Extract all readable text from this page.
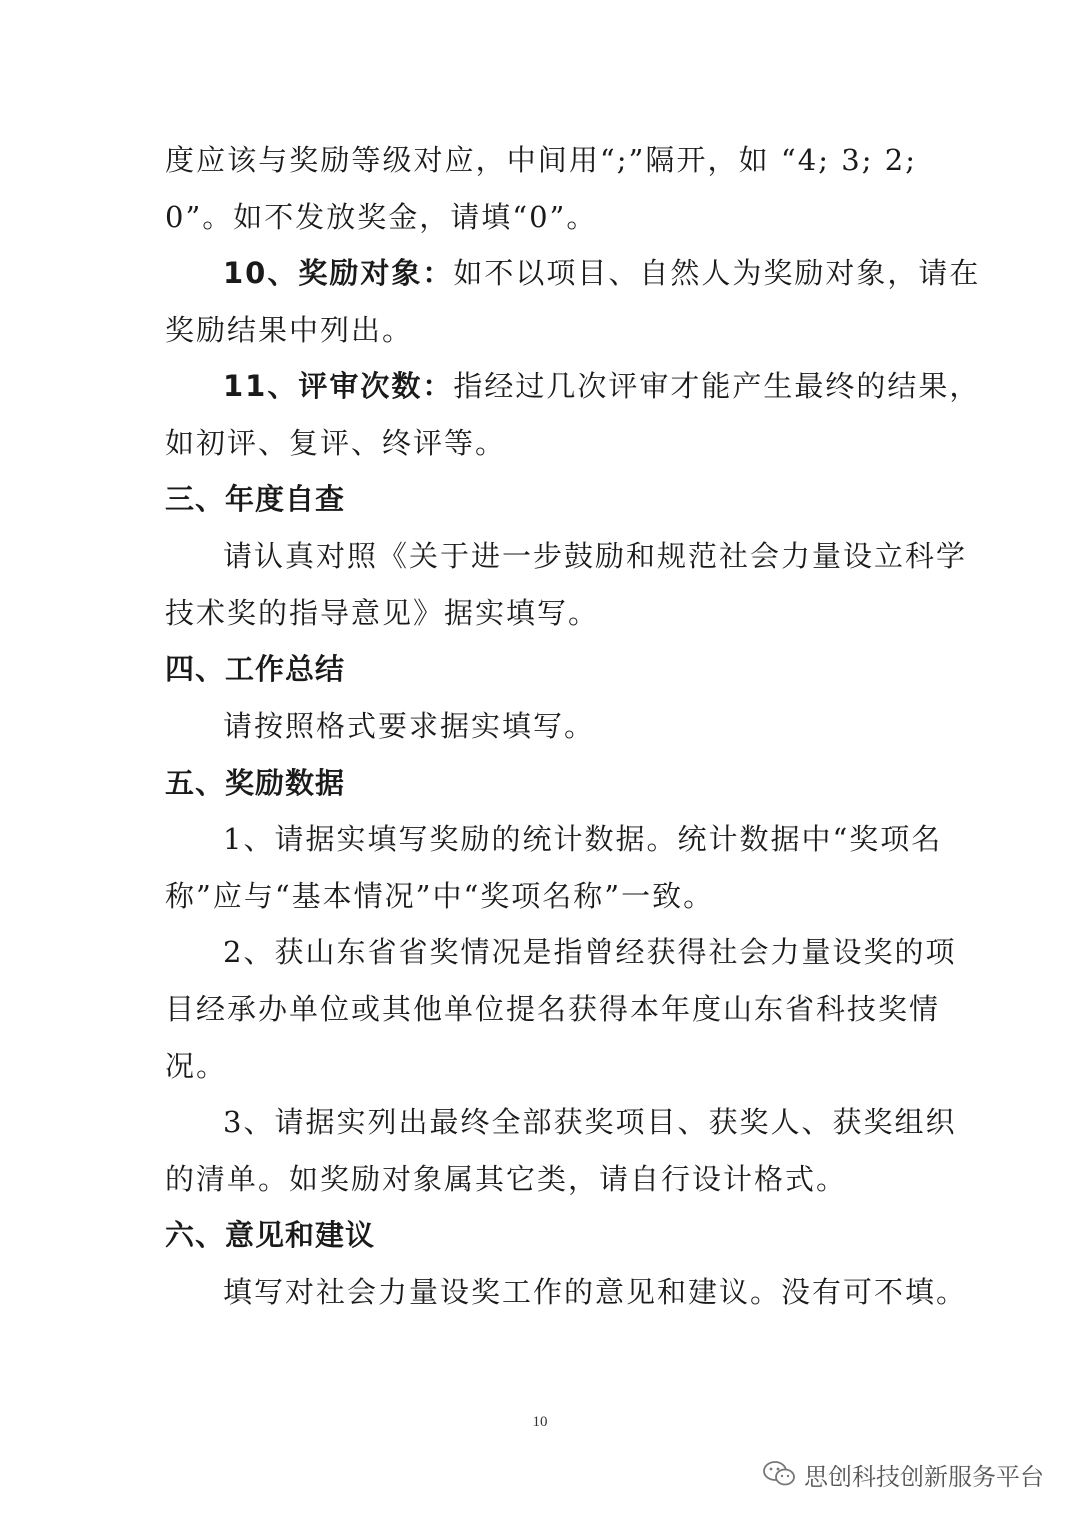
度应该与奖励等级对应，中间用“;”隔开，如 “4; 3; 2;
0”。如不发放奖金，请填“0”。
10、奖励对象：如不以项目、自然人为奖励对象，请在
奖励结果中列出。
11、评审次数：指经过几次评审才能产生最终的结果，
如初评、复评、终评等。
三、年度自查
请认真对照《关于进一步鼓励和规范社会力量设立科学
技术奖的指导意见》据实填写。
四、工作总结
请按照格式要求据实填写。
五、奖励数据
1、请据实填写奖励的统计数据。统计数据中“奖项名
称”应与“基本情况”中“奖项名称”一致。
2、获山东省省奖情况是指曾经获得社会力量设奖的项
目经承办单位或其他单位提名获得本年度山东省科技奖情
况。
3、请据实列出最终全部获奖项目、获奖人、获奖组织
的清单。如奖励对象属其它类，请自行设计格式。
六、意见和建议
填写对社会力量设奖工作的意见和建议。没有可不填。
10
思创科技创新服务平台
